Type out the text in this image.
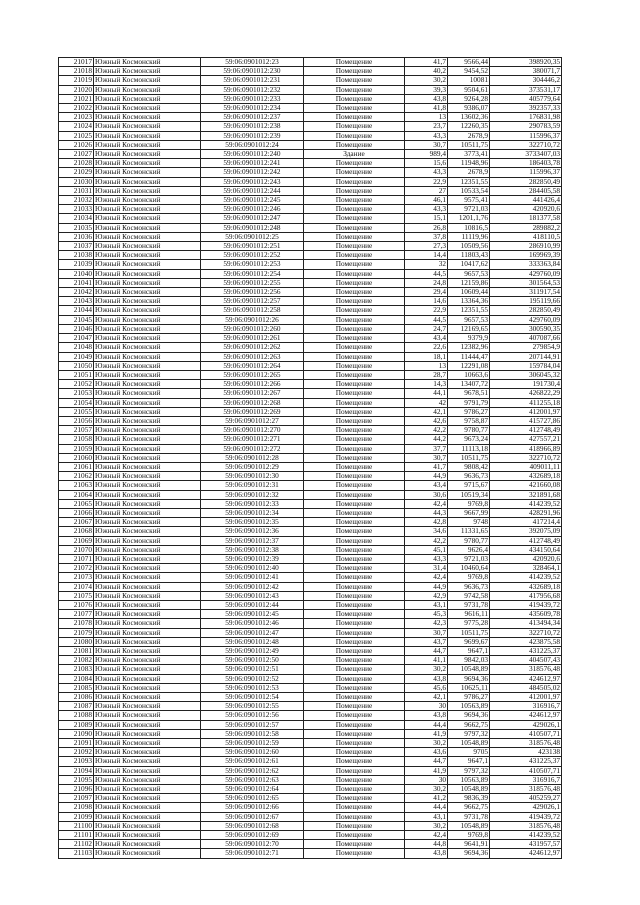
21017	Южный Космонский	59:06:0901012:23	Помещение	41,7	9566,44	398920,35
21018	Южный Космонский	59:06:0901012:230	Помещение	40,2	9454,52	380071,7
21019	Южный Космонский	59:06:0901012:231	Помещение	30,2	10081	304446,2
21020	Южный Космонский	59:06:0901012:232	Помещение	39,3	9504,61	373531,17
21021	Южный Космонский	59:06:0901012:233	Помещение	43,8	9264,28	405779,64
21022	Южный Космонский	59:06:0901012:234	Помещение	41,8	9386,07	392357,33
21023	Южный Космонский	59:06:0901012:237	Помещение	13	13602,36	176831,98
21024	Южный Космонский	59:06:0901012:238	Помещение	23,7	12260,35	290783,59
21025	Южный Космонский	59:06:0901012:239	Помещение	43,3	2678,9	115996,37
21026	Южный Космонский	59:06:0901012:24	Помещение	30,7	10511,75	322710,72
21027	Южный Космонский	59:06:0901012:240	Здание	989,4	3773,41	3733407,03
21028	Южный Космонский	59:06:0901012:241	Помещение	15,6	11948,96	186403,78
21029	Южный Космонский	59:06:0901012:242	Помещение	43,3	2678,9	115996,37
21030	Южный Космонский	59:06:0901012:243	Помещение	22,9	12351,55	282850,49
21031	Южный Космонский	59:06:0901012:244	Помещение	27	10533,54	284405,58
21032	Южный Космонский	59:06:0901012:245	Помещение	46,1	9575,41	441426,4
21033	Южный Космонский	59:06:0901012:246	Помещение	43,3	9721,03	420920,6
21034	Южный Космонский	59:06:0901012:247	Помещение	15,1	1201,1,76	181377,58
21035	Южный Космонский	59:06:0901012:248	Помещение	26,8	10816,5	289882,2
21036	Южный Космонский	59:06:0901012:25	Помещение	37,8	11119,96	418110,5
21037	Южный Космонский	59:06:0901012:251	Помещение	27,3	10509,56	286910,99
21038	Южный Космонский	59:06:0901012:252	Помещение	14,4	11803,43	169969,39
21039	Южный Космонский	59:06:0901012:253	Помещение	32	10417,62	333363,84
21040	Южный Космонский	59:06:0901012:254	Помещение	44,5	9657,53	429760,09
21041	Южный Космонский	59:06:0901012:255	Помещение	24,8	12159,86	301564,53
21042	Южный Космонский	59:06:0901012:256	Помещение	29,4	10609,44	311917,54
21043	Южный Космонский	59:06:0901012:257	Помещение	14,6	13364,36	195119,66
21044	Южный Космонский	59:06:0901012:258	Помещение	22,9	12351,55	282850,49
21045	Южный Космонский	59:06:0901012:26	Помещение	44,5	9657,53	429760,09
21046	Южный Космонский	59:06:0901012:260	Помещение	24,7	12169,65	300590,35
21047	Южный Космонский	59:06:0901012:261	Помещение	43,4	9379,9	407087,66
21048	Южный Космонский	59:06:0901012:262	Помещение	22,6	12382,96	279854,9
21049	Южный Космонский	59:06:0901012:263	Помещение	18,1	11444,47	207144,91
21050	Южный Космонский	59:06:0901012:264	Помещение	13	12291,08	159784,04
21051	Южный Космонский	59:06:0901012:265	Помещение	28,7	10663,6	306045,32
21052	Южный Космонский	59:06:0901012:266	Помещение	14,3	13407,72	191730,4
21053	Южный Космонский	59:06:0901012:267	Помещение	44,1	9678,51	426822,29
21054	Южный Космонский	59:06:0901012:268	Помещение	42	9791,79	411255,18
21055	Южный Космонский	59:06:0901012:269	Помещение	42,1	9786,27	412001,97
21056	Южный Космонский	59:06:0901012:27	Помещение	42,6	9758,87	415727,86
21057	Южный Космонский	59:06:0901012:270	Помещение	42,2	9780,77	412748,49
21058	Южный Космонский	59:06:0901012:271	Помещение	44,2	9673,24	427557,21
21059	Южный Космонский	59:06:0901012:272	Помещение	37,7	11113,18	418966,89
21060	Южный Космонский	59:06:0901012:28	Помещение	30,7	10511,75	322710,72
21061	Южный Космонский	59:06:0901012:29	Помещение	41,7	9808,42	409011,11
21062	Южный Космонский	59:06:0901012:30	Помещение	44,9	9636,73	432689,18
21063	Южный Космонский	59:06:0901012:31	Помещение	43,4	9715,67	421660,08
21064	Южный Космонский	59:06:0901012:32	Помещение	30,6	10519,34	321891,68
21065	Южный Космонский	59:06:0901012:33	Помещение	42,4	9769,8	414239,52
21066	Южный Космонский	59:06:0901012:34	Помещение	44,3	9667,99	428291,96
21067	Южный Космонский	59:06:0901012:35	Помещение	42,8	9748	417214,4
21068	Южный Космонский	59:06:0901012:36	Помещение	34,6	11331,65	392075,09
21069	Южный Космонский	59:06:0901012:37	Помещение	42,2	9780,77	412748,49
21070	Южный Космонский	59:06:0901012:38	Помещение	45,1	9626,4	434150,64
21071	Южный Космонский	59:06:0901012:39	Помещение	43,3	9721,03	420920,6
21072	Южный Космонский	59:06:0901012:40	Помещение	31,4	10460,64	328464,1
21073	Южный Космонский	59:06:0901012:41	Помещение	42,4	9769,8	414239,52
21074	Южный Космонский	59:06:0901012:42	Помещение	44,9	9636,73	432689,18
21075	Южный Космонский	59:06:0901012:43	Помещение	42,9	9742,58	417956,68
21076	Южный Космонский	59:06:0901012:44	Помещение	43,1	9731,78	419439,72
21077	Южный Космонский	59:06:0901012:45	Помещение	45,3	9616,11	435609,78
21078	Южный Космонский	59:06:0901012:46	Помещение	42,3	9775,28	413494,34
21079	Южный Космонский	59:06:0901012:47	Помещение	30,7	10511,75	322710,72
21080	Южный Космонский	59:06:0901012:48	Помещение	43,7	9699,67	423875,58
21081	Южный Космонский	59:06:0901012:49	Помещение	44,7	9647,1	431225,37
21082	Южный Космонский	59:06:0901012:50	Помещение	41,1	9842,03	404507,43
21083	Южный Космонский	59:06:0901012:51	Помещение	30,2	10548,89	318576,48
21084	Южный Космонский	59:06:0901012:52	Помещение	43,8	9694,36	424612,97
21085	Южный Космонский	59:06:0901012:53	Помещение	45,6	10625,11	484505,02
21086	Южный Космонский	59:06:0901012:54	Помещение	42,1	9786,27	412001,97
21087	Южный Космонский	59:06:0901012:55	Помещение	30	10563,89	316916,7
21088	Южный Космонский	59:06:0901012:56	Помещение	43,8	9694,36	424612,97
21089	Южный Космонский	59:06:0901012:57	Помещение	44,4	9662,75	429026,1
21090	Южный Космонский	59:06:0901012:58	Помещение	41,9	9797,32	410507,71
21091	Южный Космонский	59:06:0901012:59	Помещение	30,2	10548,89	318576,48
21092	Южный Космонский	59:06:0901012:60	Помещение	43,6	9705	423138
21093	Южный Космонский	59:06:0901012:61	Помещение	44,7	9647,1	431225,37
21094	Южный Космонский	59:06:0901012:62	Помещение	41,9	9797,32	410507,71
21095	Южный Космонский	59:06:0901012:63	Помещение	30	10563,89	316916,7
21096	Южный Космонский	59:06:0901012:64	Помещение	30,2	10548,89	318576,48
21097	Южный Космонский	59:06:0901012:65	Помещение	41,2	9836,39	405259,27
21098	Южный Космонский	59:06:0901012:66	Помещение	44,4	9662,75	429026,1
21099	Южный Космонский	59:06:0901012:67	Помещение	43,1	9731,78	419439,72
21100	Южный Космонский	59:06:0901012:68	Помещение	30,2	10548,89	318576,48
21101	Южный Космонский	59:06:0901012:69	Помещение	42,4	9769,8	414239,52
21102	Южный Космонский	59:06:0901012:70	Помещение	44,8	9641,91	431957,57
21103	Южный Космонский	59:06:0901012:71	Помещение	43,8	9694,36	424612,97
